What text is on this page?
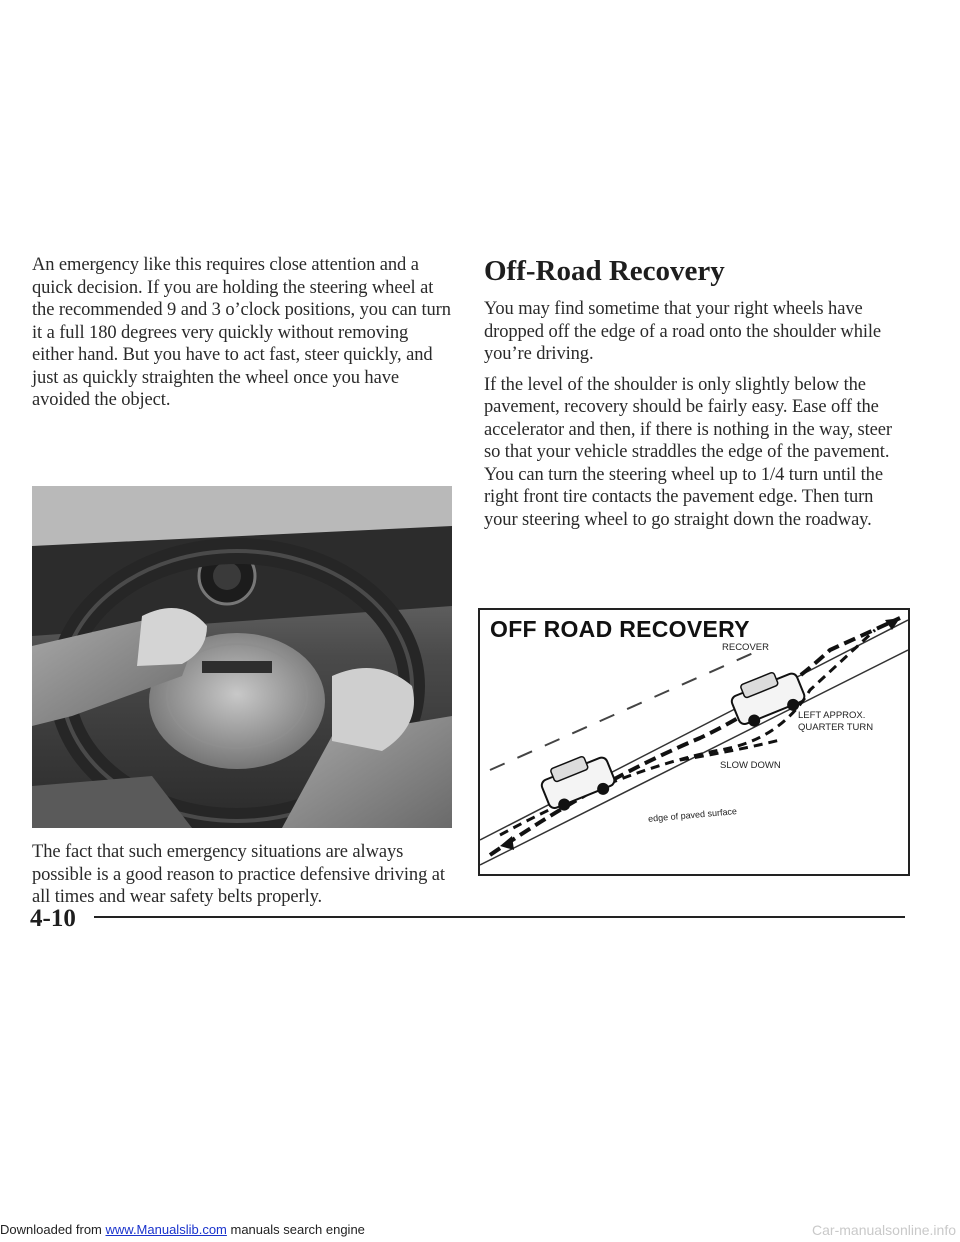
An emergency like this requires close attention and a quick decision. If you are holding the steering wheel at the recommended 9 and 3 o’clock positions, you can turn it a full 180 degrees very quickly without removing either hand. But you have to act fast, steer quickly, and just as quickly straighten the wheel once you have avoided the object.

The fact that such emergency situations are always possible is a good reason to practice defensive driving at all times and wear safety belts properly.

Off-Road Recovery

You may find sometime that your right wheels have dropped off the edge of a road onto the shoulder while you’re driving.

If the level of the shoulder is only slightly below the pavement, recovery should be fairly easy. Ease off the accelerator and then, if there is nothing in the way, steer so that your vehicle straddles the edge of the pavement. You can turn the steering wheel up to 1/4 turn until the right front tire contacts the pavement edge. Then turn your steering wheel to go straight down the roadway.

OFF ROAD RECOVERY
RECOVER
LEFT APPROX.
QUARTER TURN
SLOW DOWN
edge of paved surface
4-10
Downloaded from www.Manualslib.com manuals search engine	Car-manualsonline.info
